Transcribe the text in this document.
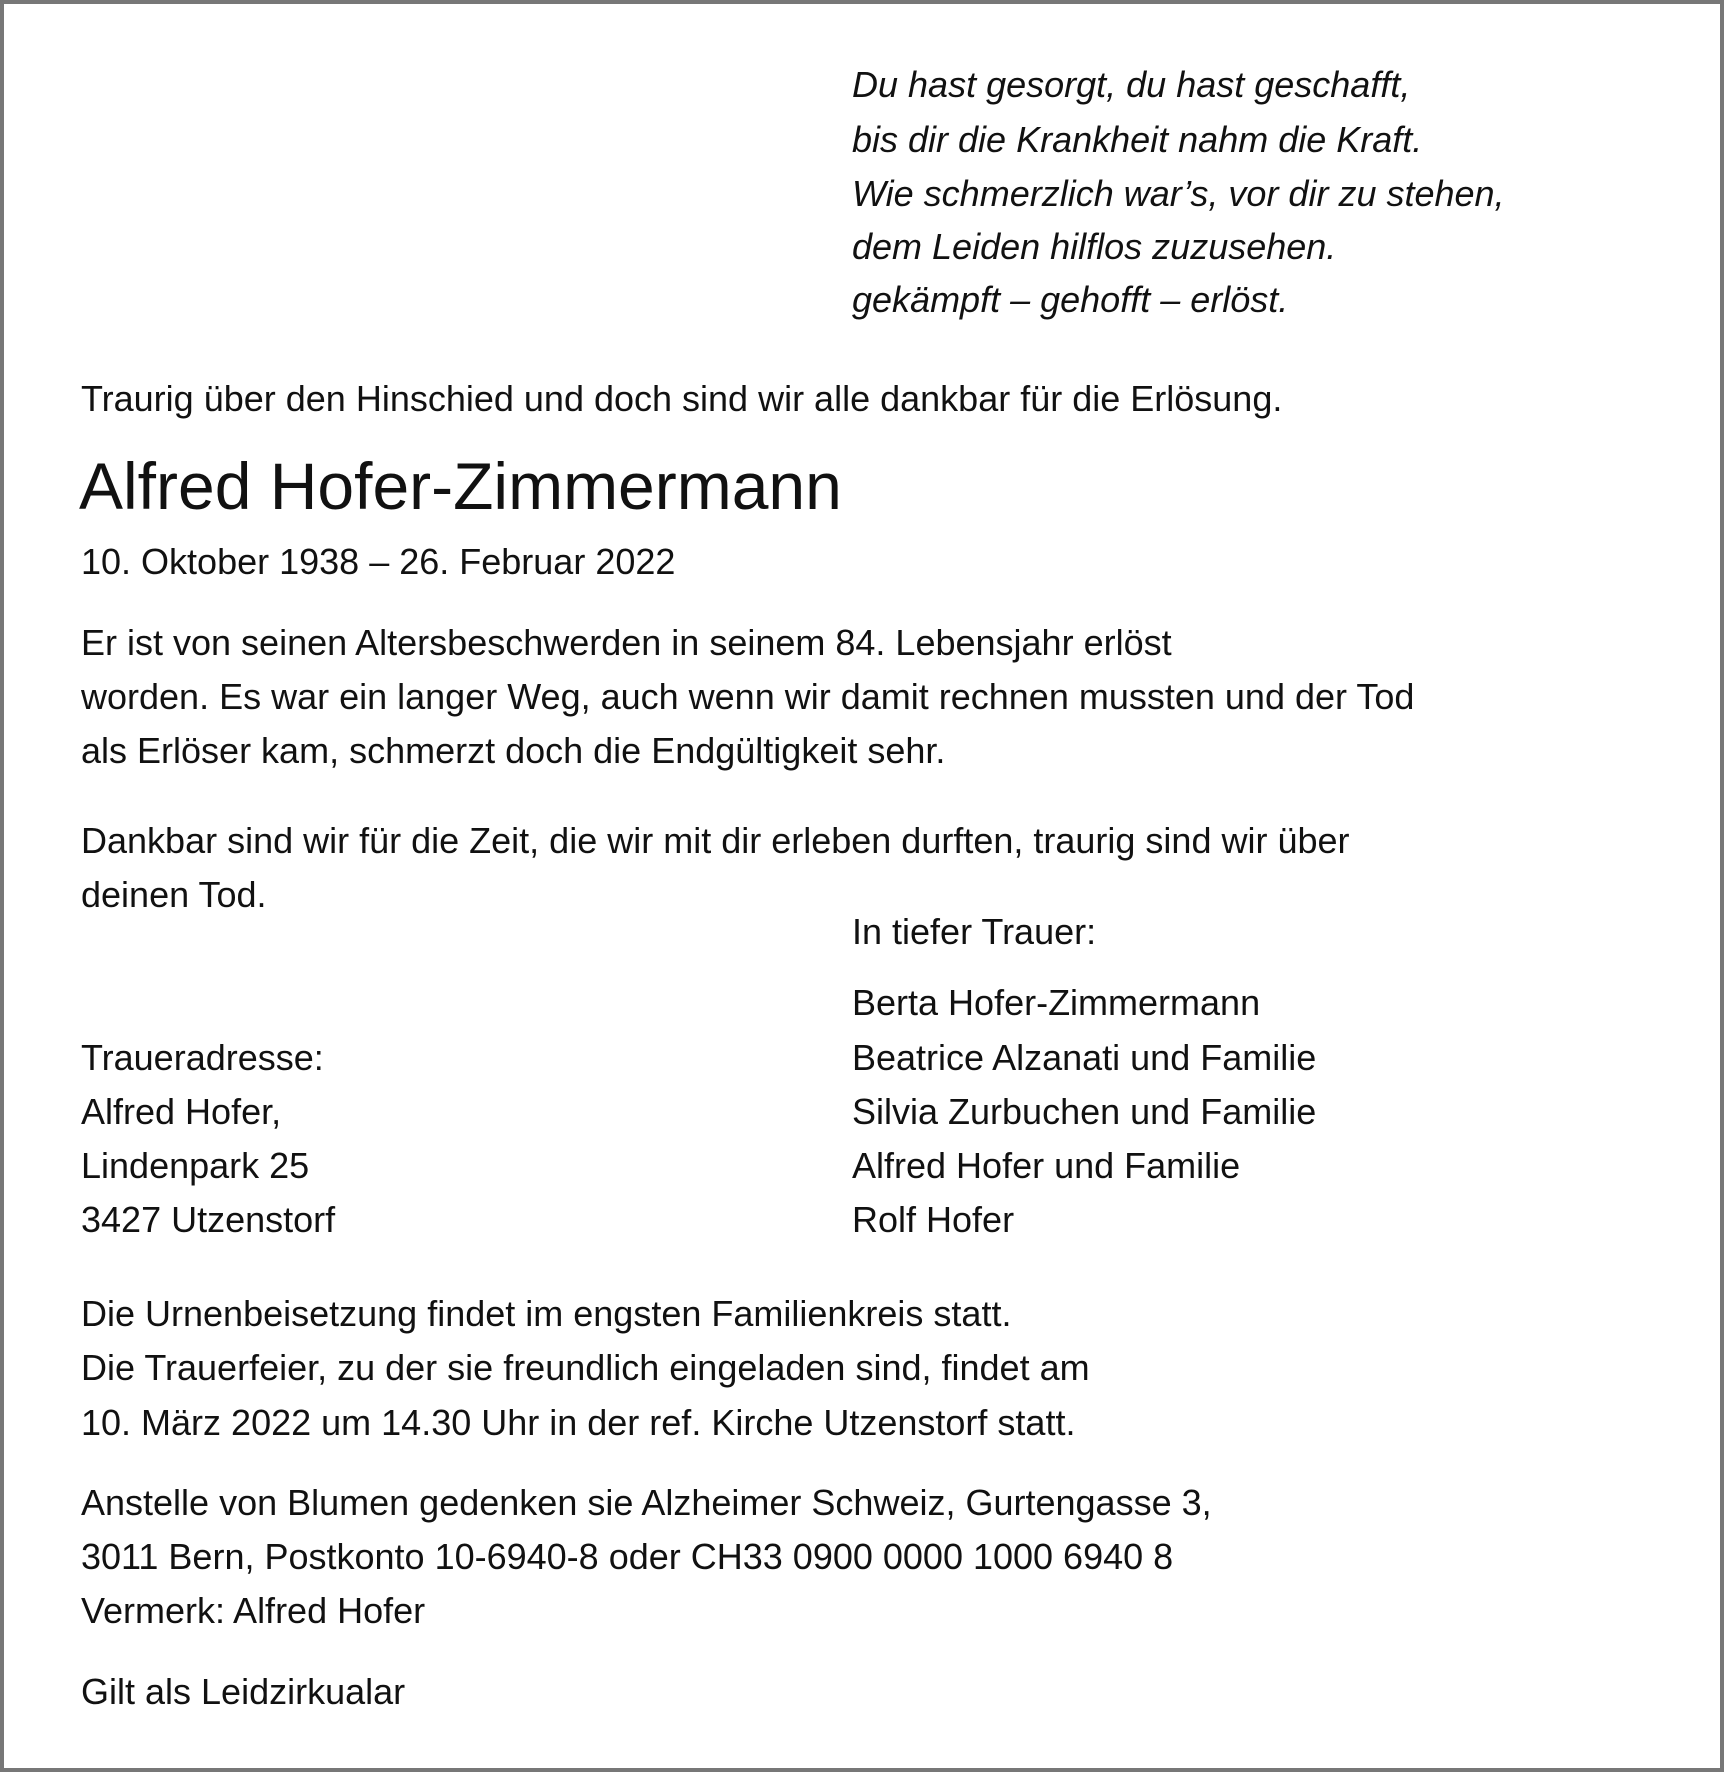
Du hast gesorgt, du hast geschafft,
bis dir die Krankheit nahm die Kraft.
Wie schmerzlich war’s, vor dir zu stehen,
dem Leiden hilflos zuzusehen.
gekämpft – gehofft – erlöst.
Traurig über den Hinschied und doch sind wir alle dankbar für die Erlösung.
Alfred Hofer-Zimmermann
10. Oktober 1938 – 26. Februar 2022
Er ist von seinen Altersbeschwerden in seinem 84. Lebensjahr erlöst
worden. Es war ein langer Weg, auch wenn wir damit rechnen mussten und der Tod
als Erlöser kam, schmerzt doch die Endgültigkeit sehr.
Dankbar sind wir für die Zeit, die wir mit dir erleben durften, traurig sind wir über
deinen Tod.
In tiefer Trauer:
Berta Hofer-Zimmermann
Beatrice Alzanati und Familie
Silvia Zurbuchen und Familie
Alfred Hofer und Familie
Rolf Hofer
Traueradresse:
Alfred Hofer,
Lindenpark 25
3427 Utzenstorf
Die Urnenbeisetzung findet im engsten Familienkreis statt.
Die Trauerfeier, zu der sie freundlich eingeladen sind, findet am
10. März 2022 um 14.30 Uhr in der ref. Kirche Utzenstorf statt.
Anstelle von Blumen gedenken sie Alzheimer Schweiz, Gurtengasse 3,
3011 Bern, Postkonto 10-6940-8 oder CH33 0900 0000 1000 6940 8
Vermerk: Alfred Hofer
Gilt als Leidzirkualar
